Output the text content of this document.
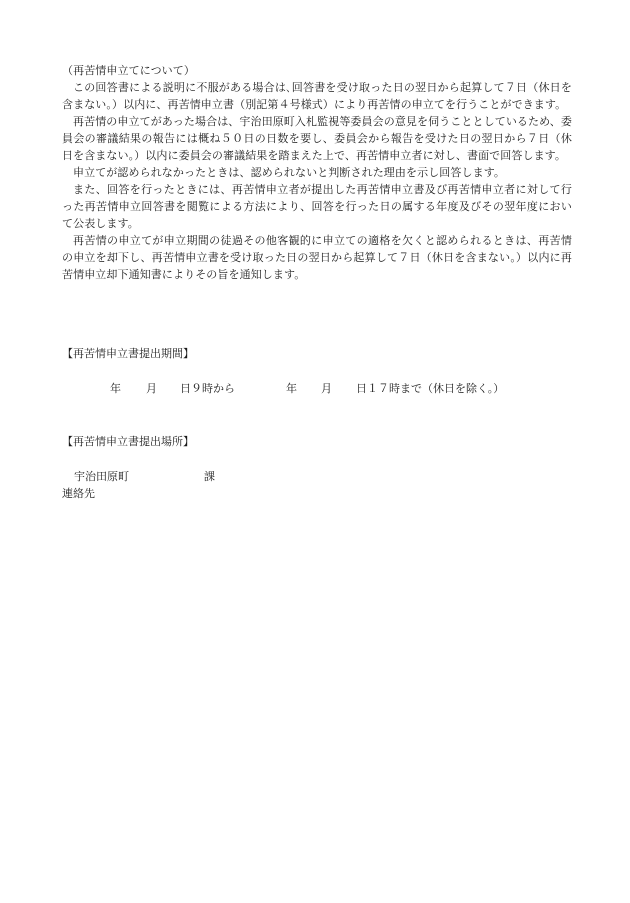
（再苦情申立てについて）

この回答書による説明に不服がある場合は､回答書を受け取った日の翌日から起算して７日（休日を含まない。）以内に、再苦情申立書（別記第４号様式）により再苦情の申立てを行うことができます。

再苦情の申立てがあった場合は、宇治田原町入札監視等委員会の意見を伺うこととしているため、委員会の審議結果の報告には概ね５０日の日数を要し、委員会から報告を受けた日の翌日から７日（休日を含まない。）以内に委員会の審議結果を踏まえた上で、再苦情申立者に対し、書面で回答します。

申立てが認められなかったときは、認められないと判断された理由を示し回答します。

また、回答を行ったときには、再苦情申立者が提出した再苦情申立書及び再苦情申立者に対して行った再苦情申立回答書を閲覧による方法により、回答を行った日の属する年度及びその翌年度において公表します。

再苦情の申立てが申立期間の徒過その他客観的に申立ての適格を欠くと認められるときは、再苦情の申立を却下し、再苦情申立書を受け取った日の翌日から起算して７日（休日を含まない。）以内に再苦情申立却下通知書によりその旨を通知します。

【再苦情申立書提出期間】
年 月 日９時から	年 月 日１７時まで（休日を除く。）
【再苦情申立書提出場所】
宇治田原町	課
連絡先
